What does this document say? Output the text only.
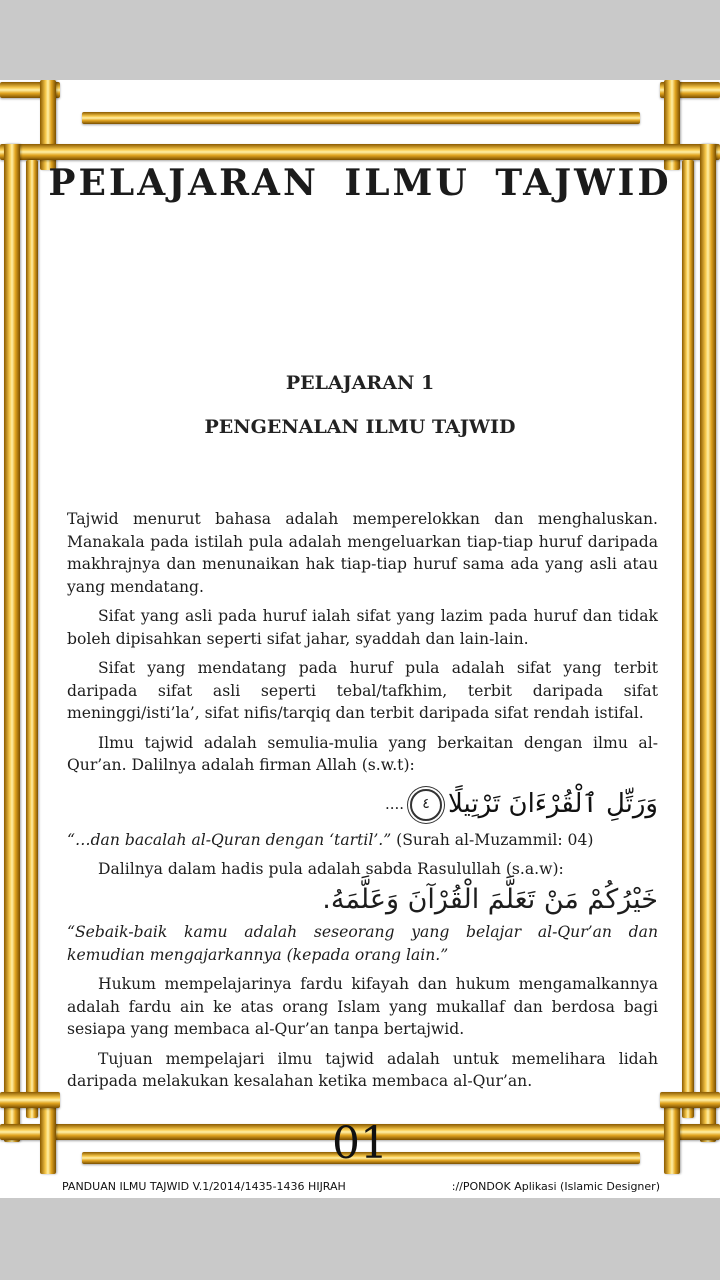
PELAJARAN ILMU TAJWID
PELAJARAN 1
PENGENALAN ILMU TAJWID

Tajwid menurut bahasa adalah memperelokkan dan menghaluskan. Manakala pada istilah pula adalah mengeluarkan tiap-tiap huruf daripada makhrajnya dan menunaikan hak tiap-tiap huruf sama ada yang asli atau yang mendatang.

Sifat yang asli pada huruf ialah sifat yang lazim pada huruf dan tidak boleh dipisahkan seperti sifat jahar, syaddah dan lain-lain.

Sifat yang mendatang pada huruf pula adalah sifat yang terbit daripada sifat asli seperti tebal/tafkhim, terbit daripada sifat meninggi/isti’la’, sifat nifis/tarqiq dan terbit daripada sifat rendah istifal.

Ilmu tajwid adalah semulia-mulia yang berkaitan dengan ilmu al-Qur’an. Dalilnya adalah firman Allah (s.w.t):

....	٤ وَرَتِّلِ ٱلْقُرْءَانَ تَرْتِيلًا

“…dan bacalah al-Quran dengan ‘tartil’.” (Surah al-Muzammil: 04)

Dalilnya dalam hadis pula adalah sabda Rasulullah (s.a.w):

خَيْرُكُمْ مَنْ تَعَلَّمَ الْقُرْآنَ وَعَلَّمَهُ.

“Sebaik-baik kamu adalah seseorang yang belajar al-Qur’an dan kemudian mengajarkannya (kepada orang lain.”

Hukum mempelajarinya fardu kifayah dan hukum mengamalkannya adalah fardu ain ke atas orang Islam yang mukallaf dan berdosa bagi sesiapa yang membaca al-Qur’an tanpa bertajwid.

Tujuan mempelajari ilmu tajwid adalah untuk memelihara lidah daripada melakukan kesalahan ketika membaca al-Qur’an.

01
PANDUAN ILMU TAJWID V.1/2014/1435-1436 HIJRAH	://PONDOK Aplikasi (Islamic Designer)
